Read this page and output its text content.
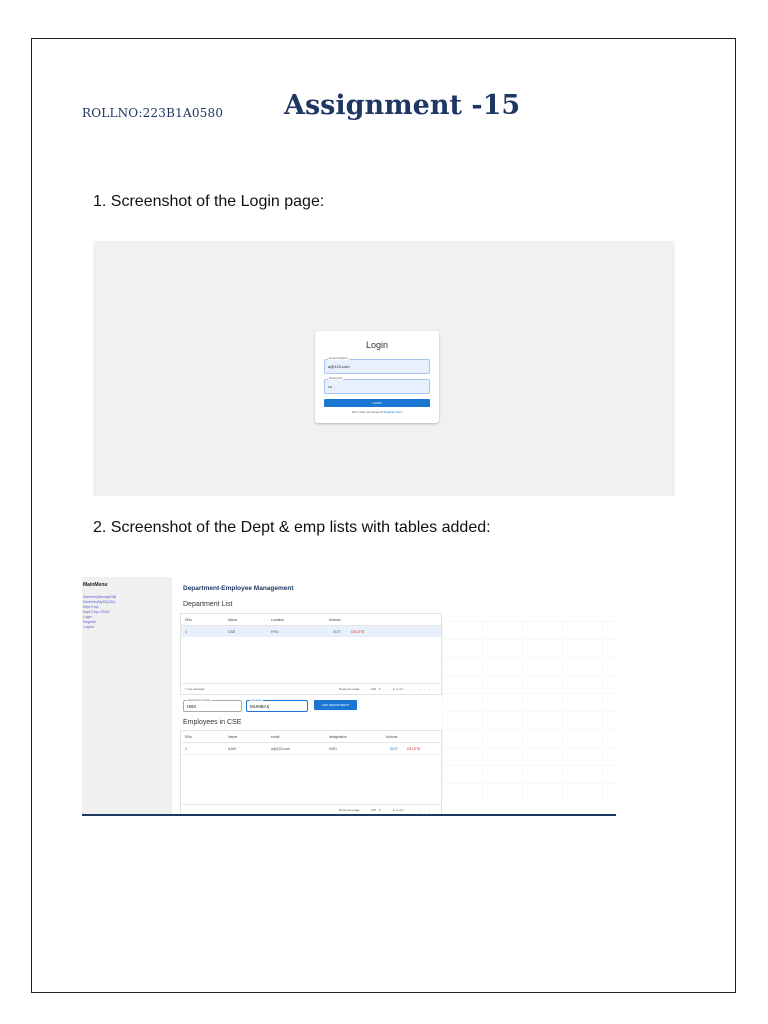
ROLLNO:223B1A0580 Assignment -15
1. Screenshot of the Login page:
Login
Email Address
a@123.com
Password
•••
LOGIN
Don't have an account? Register here
2. Screenshot of the Dept & emp lists with tables added:
MainMenu
Students(StorageDB)
Students(MySQLDb)
Dept Emp
Dept Emp CRUD
Login
Register
Logout
Department-Employee Management
Department List
DNo	Name	Location	Actions
1	CSE	HYD	EDIT	DELETE
1 row selected	Rows per page:	100 ▾	1–1 of 1	‹	›
Department Name
HBS
Location
MUMBAI|	ADD DEPARTMENT
Employees in CSE
ENo	Name	email	designation	Actions
1	AJAY	a@123.com	HOD	EDIT	DELETE
Rows per page:	100 ▾	1–1 of 1	‹	›
